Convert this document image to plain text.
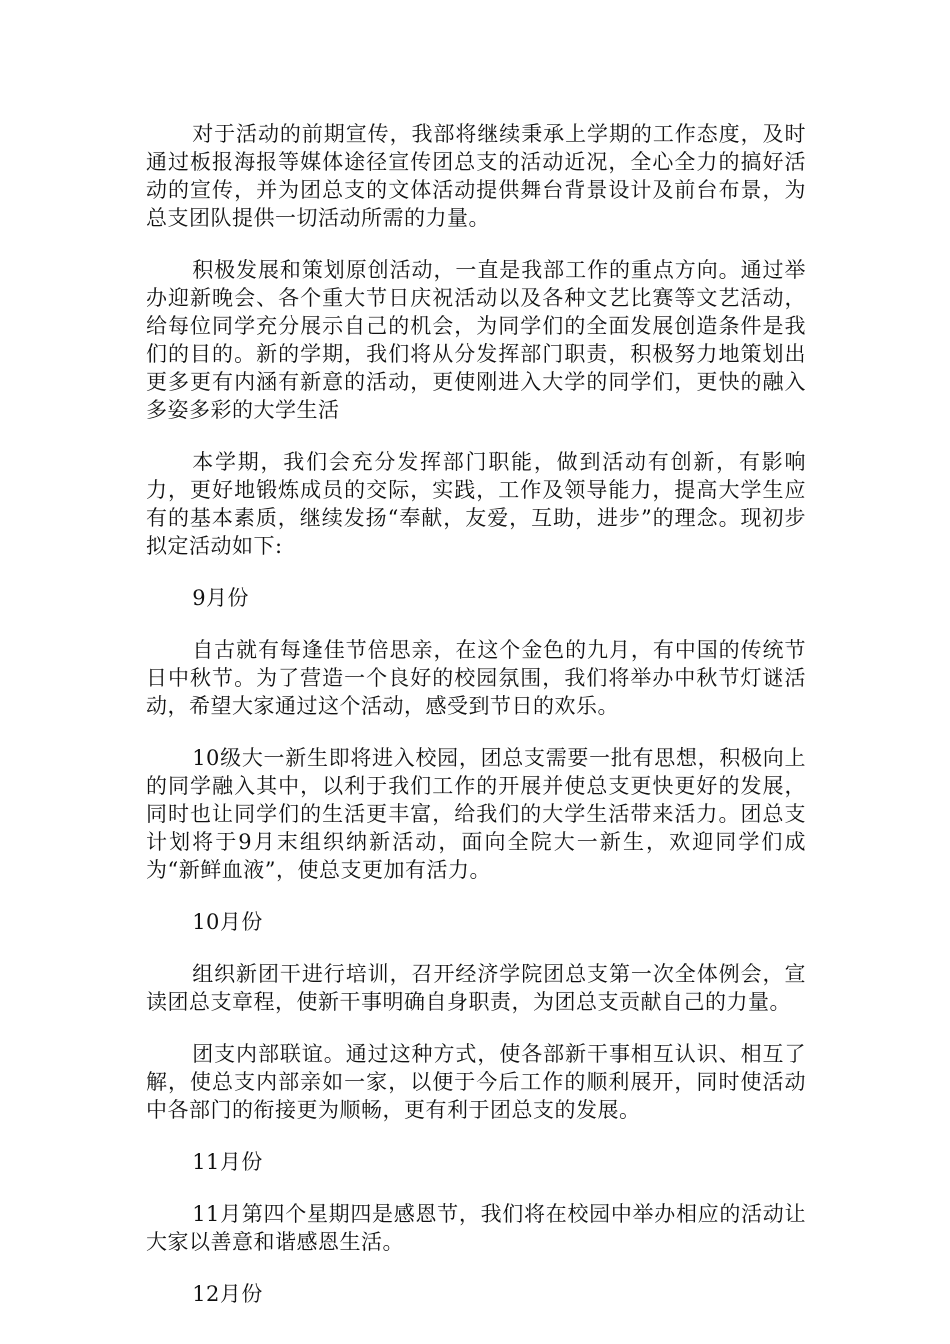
对于活动的前期宣传，我部将继续秉承上学期的工作态度，及时通过板报海报等媒体途径宣传团总支的活动近况，全心全力的搞好活动的宣传，并为团总支的文体活动提供舞台背景设计及前台布景，为总支团队提供一切活动所需的力量。

积极发展和策划原创活动，一直是我部工作的重点方向。通过举办迎新晚会、各个重大节日庆祝活动以及各种文艺比赛等文艺活动，给每位同学充分展示自己的机会，为同学们的全面发展创造条件是我们的目的。新的学期，我们将从分发挥部门职责，积极努力地策划出更多更有内涵有新意的活动，更使刚进入大学的同学们，更快的融入多姿多彩的大学生活

本学期，我们会充分发挥部门职能，做到活动有创新，有影响力，更好地锻炼成员的交际，实践，工作及领导能力，提高大学生应有的基本素质，继续发扬“奉献，友爱，互助，进步”的理念。现初步拟定活动如下:

9月份

自古就有每逢佳节倍思亲，在这个金色的九月，有中国的传统节日中秋节。为了营造一个良好的校园氛围，我们将举办中秋节灯谜活动，希望大家通过这个活动，感受到节日的欢乐。

10级大一新生即将进入校园，团总支需要一批有思想，积极向上的同学融入其中，以利于我们工作的开展并使总支更快更好的发展，同时也让同学们的生活更丰富，给我们的大学生活带来活力。团总支计划将于9月末组织纳新活动，面向全院大一新生，欢迎同学们成为“新鲜血液”，使总支更加有活力。

10月份

组织新团干进行培训，召开经济学院团总支第一次全体例会，宣读团总支章程，使新干事明确自身职责，为团总支贡献自己的力量。

团支内部联谊。通过这种方式，使各部新干事相互认识、相互了解，使总支内部亲如一家，以便于今后工作的顺利展开，同时使活动中各部门的衔接更为顺畅，更有利于团总支的发展。

11月份

11月第四个星期四是感恩节，我们将在校园中举办相应的活动让大家以善意和谐感恩生活。

12月份
